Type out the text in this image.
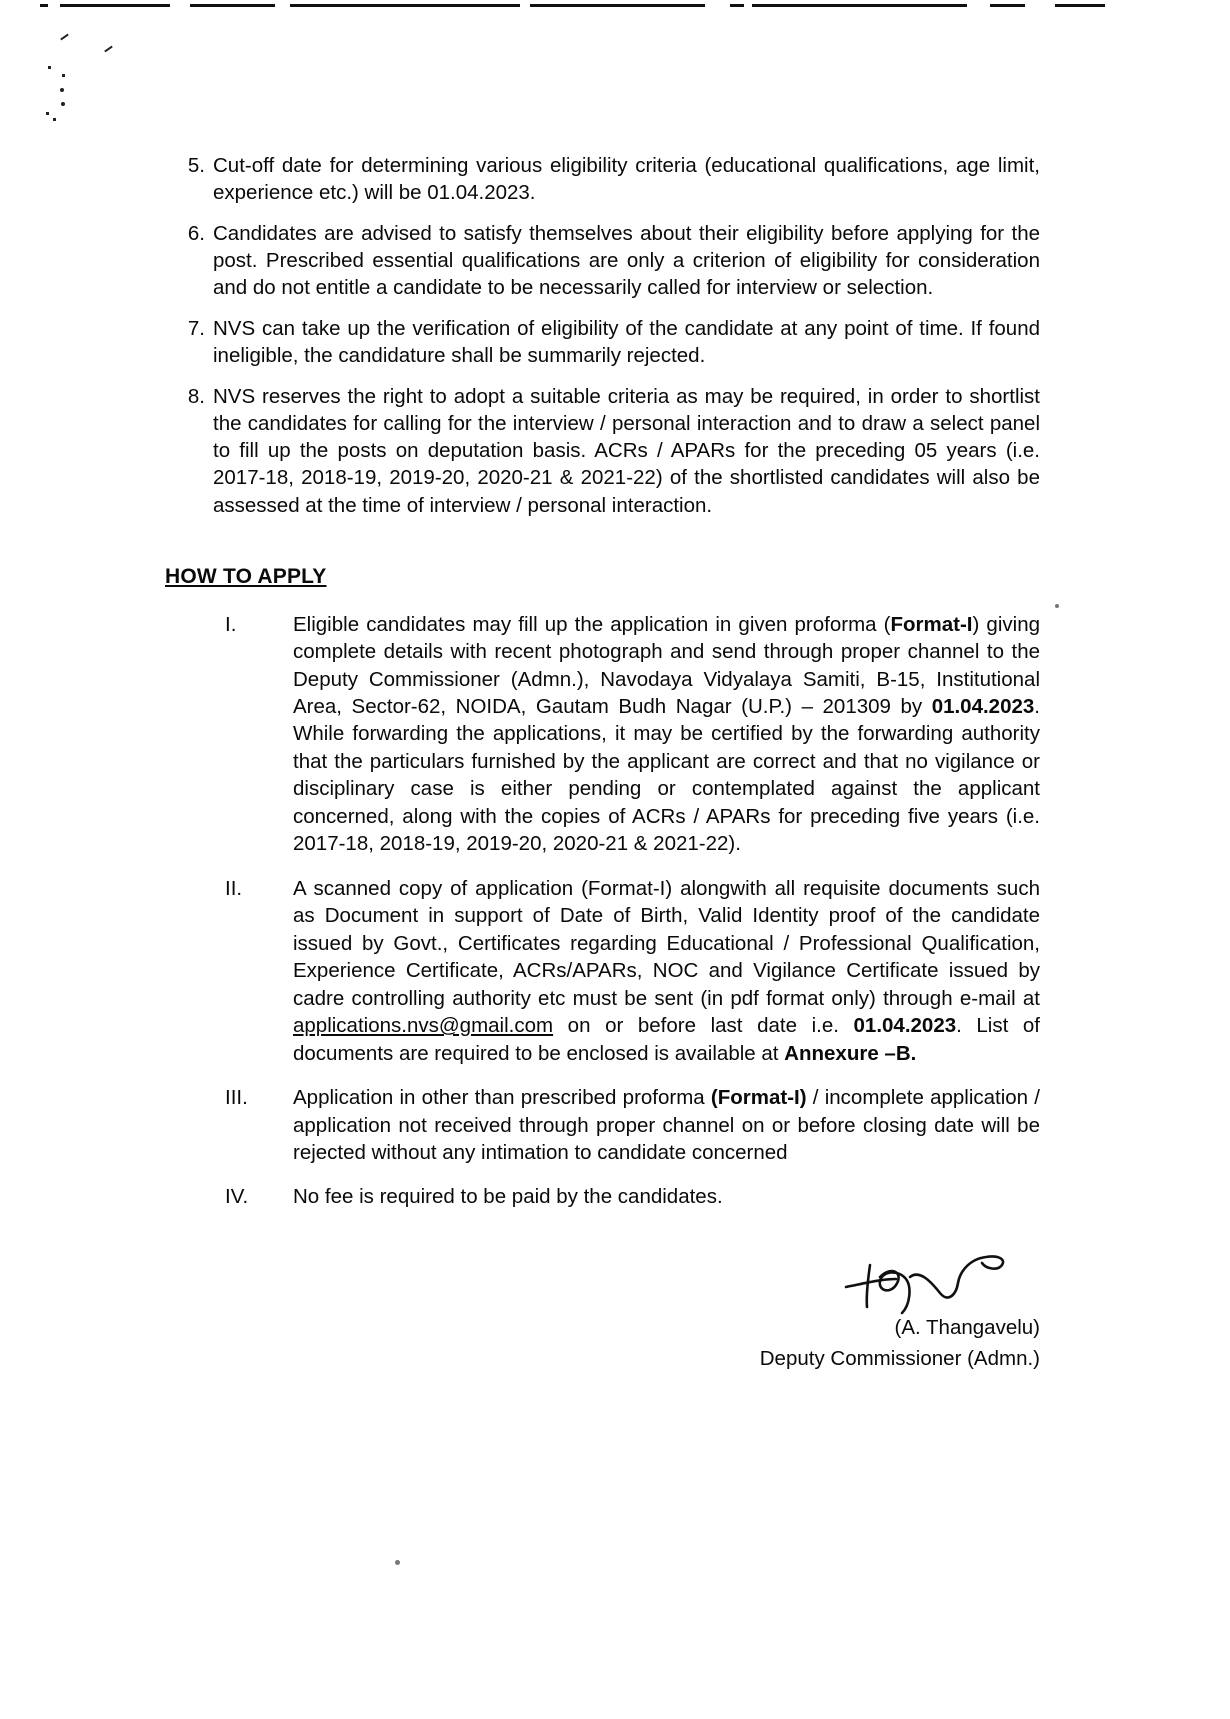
5. Cut-off date for determining various eligibility criteria (educational qualifications, age limit, experience etc.) will be 01.04.2023.
6. Candidates are advised to satisfy themselves about their eligibility before applying for the post. Prescribed essential qualifications are only a criterion of eligibility for consideration and do not entitle a candidate to be necessarily called for interview or selection.
7. NVS can take up the verification of eligibility of the candidate at any point of time. If found ineligible, the candidature shall be summarily rejected.
8. NVS reserves the right to adopt a suitable criteria as may be required, in order to shortlist the candidates for calling for the interview / personal interaction and to draw a select panel to fill up the posts on deputation basis. ACRs / APARs for the preceding 05 years (i.e. 2017-18, 2018-19, 2019-20, 2020-21 & 2021-22) of the shortlisted candidates will also be assessed at the time of interview / personal interaction.
HOW TO APPLY
I.	Eligible candidates may fill up the application in given proforma (Format-I) giving complete details with recent photograph and send through proper channel to the Deputy Commissioner (Admn.), Navodaya Vidyalaya Samiti, B-15, Institutional Area, Sector-62, NOIDA, Gautam Budh Nagar (U.P.) – 201309 by 01.04.2023. While forwarding the applications, it may be certified by the forwarding authority that the particulars furnished by the applicant are correct and that no vigilance or disciplinary case is either pending or contemplated against the applicant concerned, along with the copies of ACRs / APARs for preceding five years (i.e. 2017-18, 2018-19, 2019-20, 2020-21 & 2021-22).
II.	A scanned copy of application (Format-I) alongwith all requisite documents such as Document in support of Date of Birth, Valid Identity proof of the candidate issued by Govt., Certificates regarding Educational / Professional Qualification, Experience Certificate, ACRs/APARs, NOC and Vigilance Certificate issued by cadre controlling authority etc must be sent (in pdf format only) through e-mail at applications.nvs@gmail.com on or before last date i.e. 01.04.2023. List of documents are required to be enclosed is available at Annexure –B.
III.	Application in other than prescribed proforma (Format-I) / incomplete application / application not received through proper channel on or before closing date will be rejected without any intimation to candidate concerned
IV.	No fee is required to be paid by the candidates.
(A. Thangavelu)
Deputy Commissioner (Admn.)
